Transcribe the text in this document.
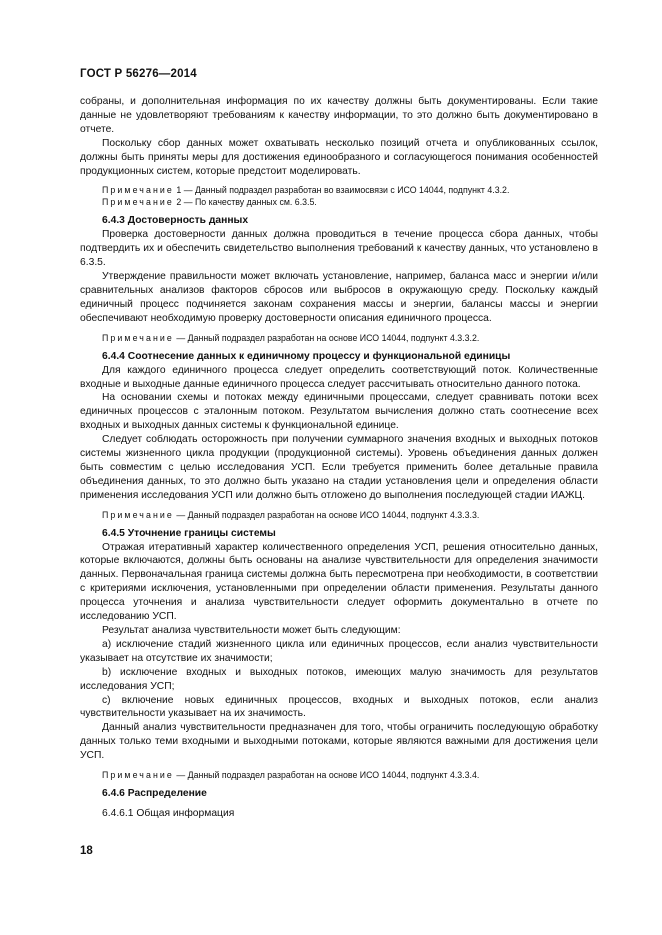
ГОСТ Р 56276—2014

собраны, и дополнительная информация по их качеству должны быть документированы. Если такие данные не удовлетворяют требованиям к качеству информации, то это должно быть документировано в отчете.

Поскольку сбор данных может охватывать несколько позиций отчета и опубликованных ссылок, должны быть приняты меры для достижения единообразного и согласующегося понимания особенностей продукционных систем, которые предстоит моделировать.

Примечание 1 — Данный подраздел разработан во взаимосвязи с ИСО 14044, подпункт 4.3.2.

Примечание 2 — По качеству данных см. 6.3.5.

6.4.3 Достоверность данных

Проверка достоверности данных должна проводиться в течение процесса сбора данных, чтобы подтвердить их и обеспечить свидетельство выполнения требований к качеству данных, что установлено в 6.3.5.

Утверждение правильности может включать установление, например, баланса масс и энергии и/или сравнительных анализов факторов сбросов или выбросов в окружающую среду. Поскольку каждый единичный процесс подчиняется законам сохранения массы и энергии, балансы массы и энергии обеспечивают необходимую проверку достоверности описания единичного процесса.

Примечание — Данный подраздел разработан на основе ИСО 14044, подпункт 4.3.3.2.

6.4.4 Соотнесение данных к единичному процессу и функциональной единицы

Для каждого единичного процесса следует определить соответствующий поток. Количественные входные и выходные данные единичного процесса следует рассчитывать относительно данного потока.

На основании схемы и потоках между единичными процессами, следует сравнивать потоки всех единичных процессов с эталонным потоком. Результатом вычисления должно стать соотнесение всех входных и выходных данных системы к функциональной единице.

Следует соблюдать осторожность при получении суммарного значения входных и выходных потоков системы жизненного цикла продукции (продукционной системы). Уровень объединения данных должен быть совместим с целью исследования УСП. Если требуется применить более детальные правила объединения данных, то это должно быть указано на стадии установления цели и определения области применения исследования УСП или должно быть отложено до выполнения последующей стадии ИАЖЦ.

Примечание — Данный подраздел разработан на основе ИСО 14044, подпункт 4.3.3.3.

6.4.5 Уточнение границы системы

Отражая итеративный характер количественного определения УСП, решения относительно данных, которые включаются, должны быть основаны на анализе чувствительности для определения значимости данных. Первоначальная граница системы должна быть пересмотрена при необходимости, в соответствии с критериями исключения, установленными при определении области применения. Результаты данного процесса уточнения и анализа чувствительности следует оформить документально в отчете по исследованию УСП.

Результат анализа чувствительности может быть следующим:

a) исключение стадий жизненного цикла или единичных процессов, если анализ чувствительности указывает на отсутствие их значимости;

b) исключение входных и выходных потоков, имеющих малую значимость для результатов исследования УСП;

c) включение новых единичных процессов, входных и выходных потоков, если анализ чувствительности указывает на их значимость.

Данный анализ чувствительности предназначен для того, чтобы ограничить последующую обработку данных только теми входными и выходными потоками, которые являются важными для достижения цели УСП.

Примечание — Данный подраздел разработан на основе ИСО 14044, подпункт 4.3.3.4.

6.4.6 Распределение

6.4.6.1 Общая информация

18
